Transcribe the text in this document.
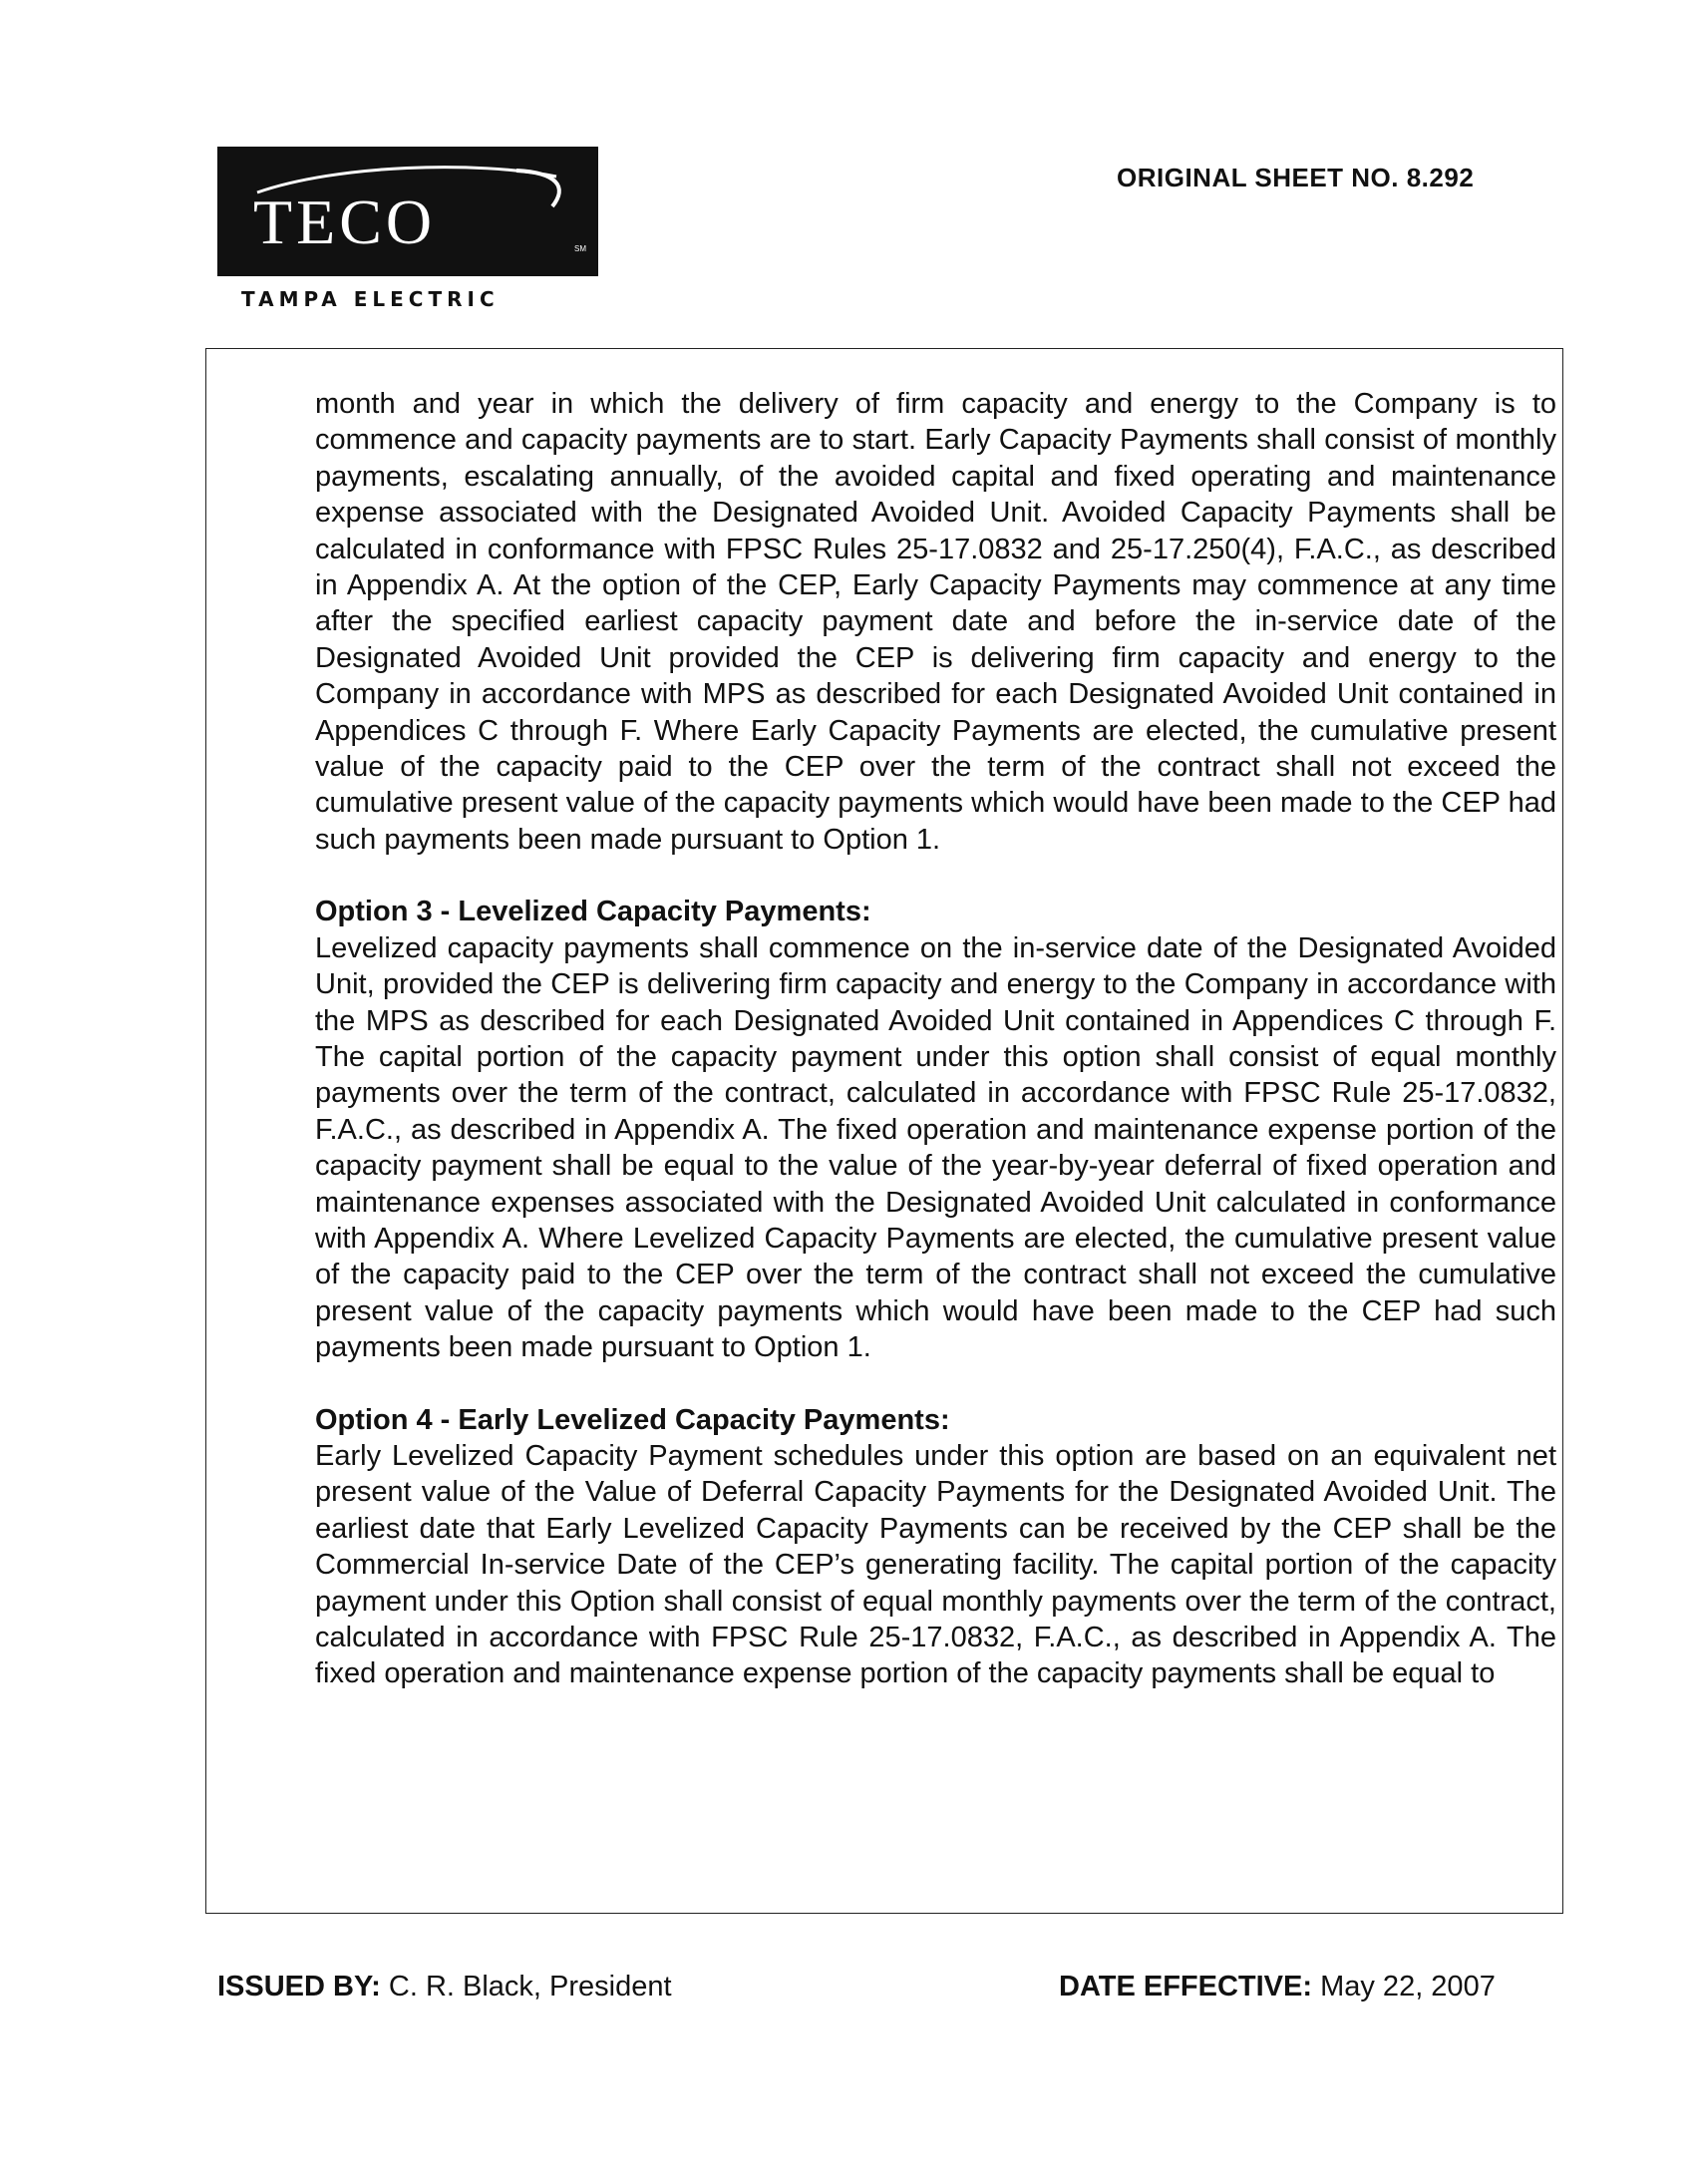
TECO	SM
TAMPA ELECTRIC
ORIGINAL SHEET NO. 8.292

month and year in which the delivery of firm capacity and energy to the Company is to commence and capacity payments are to start. Early Capacity Payments shall consist of monthly payments, escalating annually, of the avoided capital and fixed operating and maintenance expense associated with the Designated Avoided Unit. Avoided Capacity Payments shall be calculated in conformance with FPSC Rules 25-17.0832 and 25-17.250(4), F.A.C., as described in Appendix A. At the option of the CEP, Early Capacity Payments may commence at any time after the specified earliest capacity payment date and before the in-service date of the Designated Avoided Unit provided the CEP is delivering firm capacity and energy to the Company in accordance with MPS as described for each Designated Avoided Unit contained in Appendices C through F. Where Early Capacity Payments are elected, the cumulative present value of the capacity paid to the CEP over the term of the contract shall not exceed the cumulative present value of the capacity payments which would have been made to the CEP had such payments been made pursuant to Option 1.

Option 3 - Levelized Capacity Payments:

Levelized capacity payments shall commence on the in-service date of the Designated Avoided Unit, provided the CEP is delivering firm capacity and energy to the Company in accordance with the MPS as described for each Designated Avoided Unit contained in Appendices C through F. The capital portion of the capacity payment under this option shall consist of equal monthly payments over the term of the contract, calculated in accordance with FPSC Rule 25-17.0832, F.A.C., as described in Appendix A. The fixed operation and maintenance expense portion of the capacity payment shall be equal to the value of the year-by-year deferral of fixed operation and maintenance expenses associated with the Designated Avoided Unit calculated in conformance with Appendix A. Where Levelized Capacity Payments are elected, the cumulative present value of the capacity paid to the CEP over the term of the contract shall not exceed the cumulative present value of the capacity payments which would have been made to the CEP had such payments been made pursuant to Option 1.

Option 4 - Early Levelized Capacity Payments:

Early Levelized Capacity Payment schedules under this option are based on an equivalent net present value of the Value of Deferral Capacity Payments for the Designated Avoided Unit. The earliest date that Early Levelized Capacity Payments can be received by the CEP shall be the Commercial In-service Date of the CEP’s generating facility. The capital portion of the capacity payment under this Option shall consist of equal monthly payments over the term of the contract, calculated in accordance with FPSC Rule 25-17.0832, F.A.C., as described in Appendix A. The fixed operation and maintenance expense portion of the capacity payments shall be equal to

ISSUED BY: C. R. Black, President	DATE EFFECTIVE: May 22, 2007
